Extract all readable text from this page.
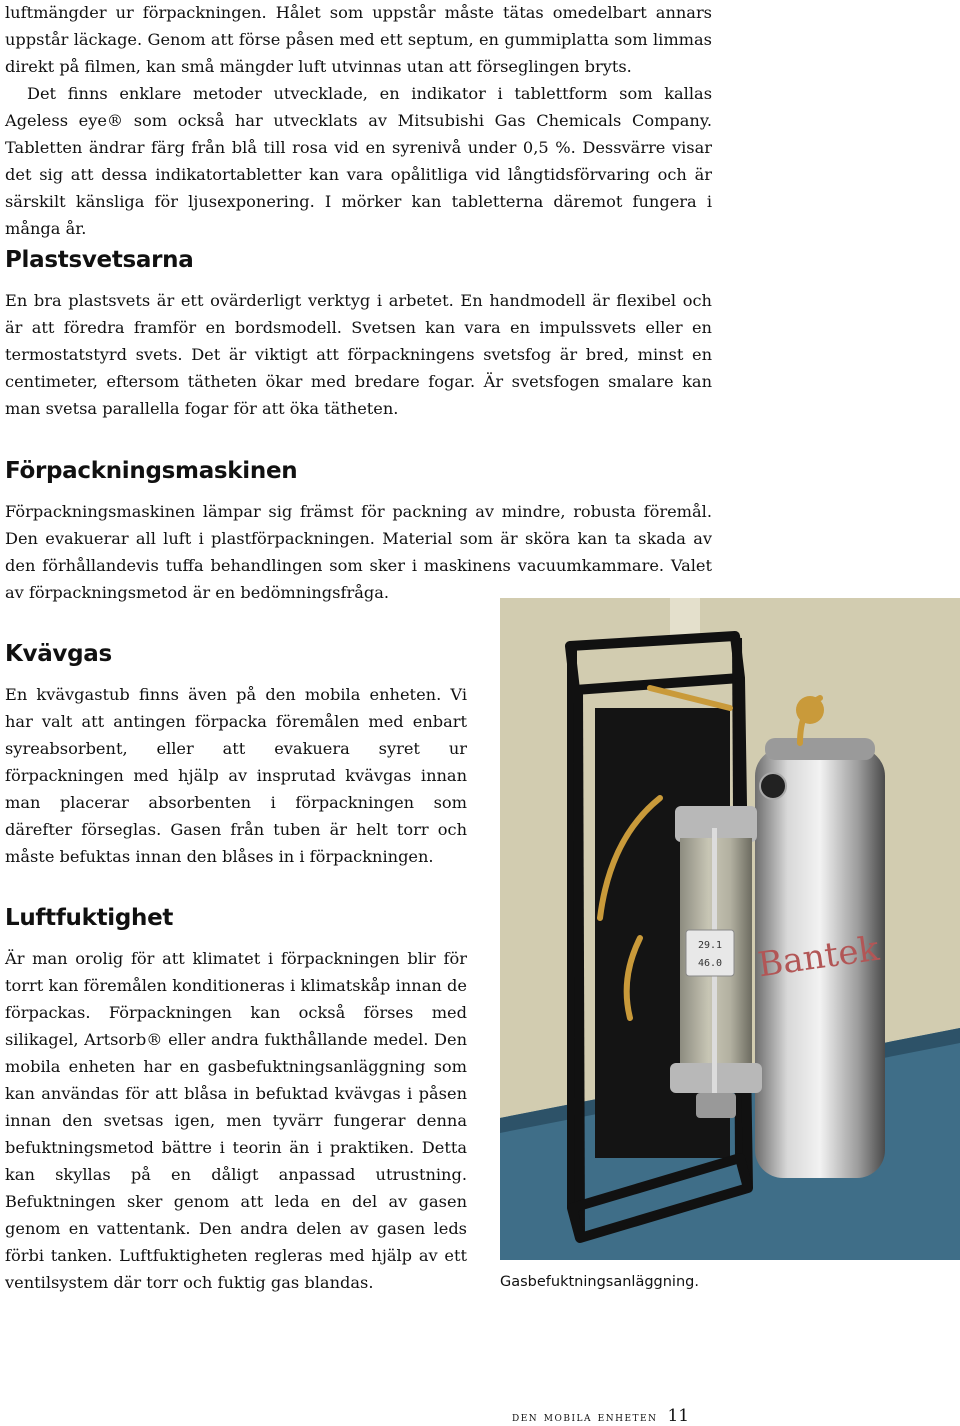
luftmängder ur förpackningen. Hålet som uppstår måste tätas omedelbart annars uppstår läckage. Genom att förse påsen med ett septum, en gummiplatta som limmas direkt på filmen, kan små mängder luft utvinnas utan att förseglingen bryts.

Det finns enklare metoder utvecklade, en indikator i tablettform som kallas Ageless eye® som också har utvecklats av Mitsubishi Gas Chemicals Company. Tabletten ändrar färg från blå till rosa vid en syrenivå under 0,5 %. Dessvärre visar det sig att dessa indikatortabletter kan vara opålitliga vid långtidsförvaring och är särskilt känsliga för ljusexponering. I mörker kan tabletterna däremot fungera i många år.

Plastsvetsarna

En bra plastsvets är ett ovärderligt verktyg i arbetet. En handmodell är flexibel och är att föredra framför en bordsmodell. Svetsen kan vara en impulssvets eller en termostatstyrd svets. Det är viktigt att förpackningens svetsfog är bred, minst en centimeter, eftersom tätheten ökar med bredare fogar. Är svetsfogen smalare kan man svetsa parallella fogar för att öka tätheten.

Förpackningsmaskinen

Förpackningsmaskinen lämpar sig främst för packning av mindre, robusta föremål. Den evakuerar all luft i plastförpackningen. Material som är sköra kan ta skada av den förhållandevis tuffa behandlingen som sker i maskinens vacuumkammare. Valet av förpackningsmetod är en bedömningsfråga.

Kvävgas

En kvävgastub finns även på den mobila enheten. Vi har valt att antingen förpacka föremålen med enbart syreabsorbent, eller att evakuera syret ur förpackningen med hjälp av insprutad kvävgas innan man placerar absorbenten i förpackningen som därefter förseglas. Gasen från tuben är helt torr och måste befuktas innan den blåses in i förpackningen.

Luftfuktighet

Är man orolig för att klimatet i förpackningen blir för torrt kan föremålen konditioneras i klimatskåp innan de förpackas. Förpackningen kan också förses med silikagel, Artsorb® eller andra fukthållande medel. Den mobila enheten har en gasbefuktningsanläggning som kan användas för att blåsa in befuktad kvävgas i påsen innan den svetsas igen, men tyvärr fungerar denna befuktningsmetod bättre i teorin än i praktiken. Detta kan skyllas på en dåligt anpassad utrustning. Befuktningen sker genom att leda en del av gasen genom en vattentank. Den andra delen av gasen leds förbi tanken. Luftfuktigheten regleras med hjälp av ett ventilsystem där torr och fuktig gas blandas.

Bantek
29.1
46.0

Gasbefuktningsanläggning.

den mobila enheten 11
